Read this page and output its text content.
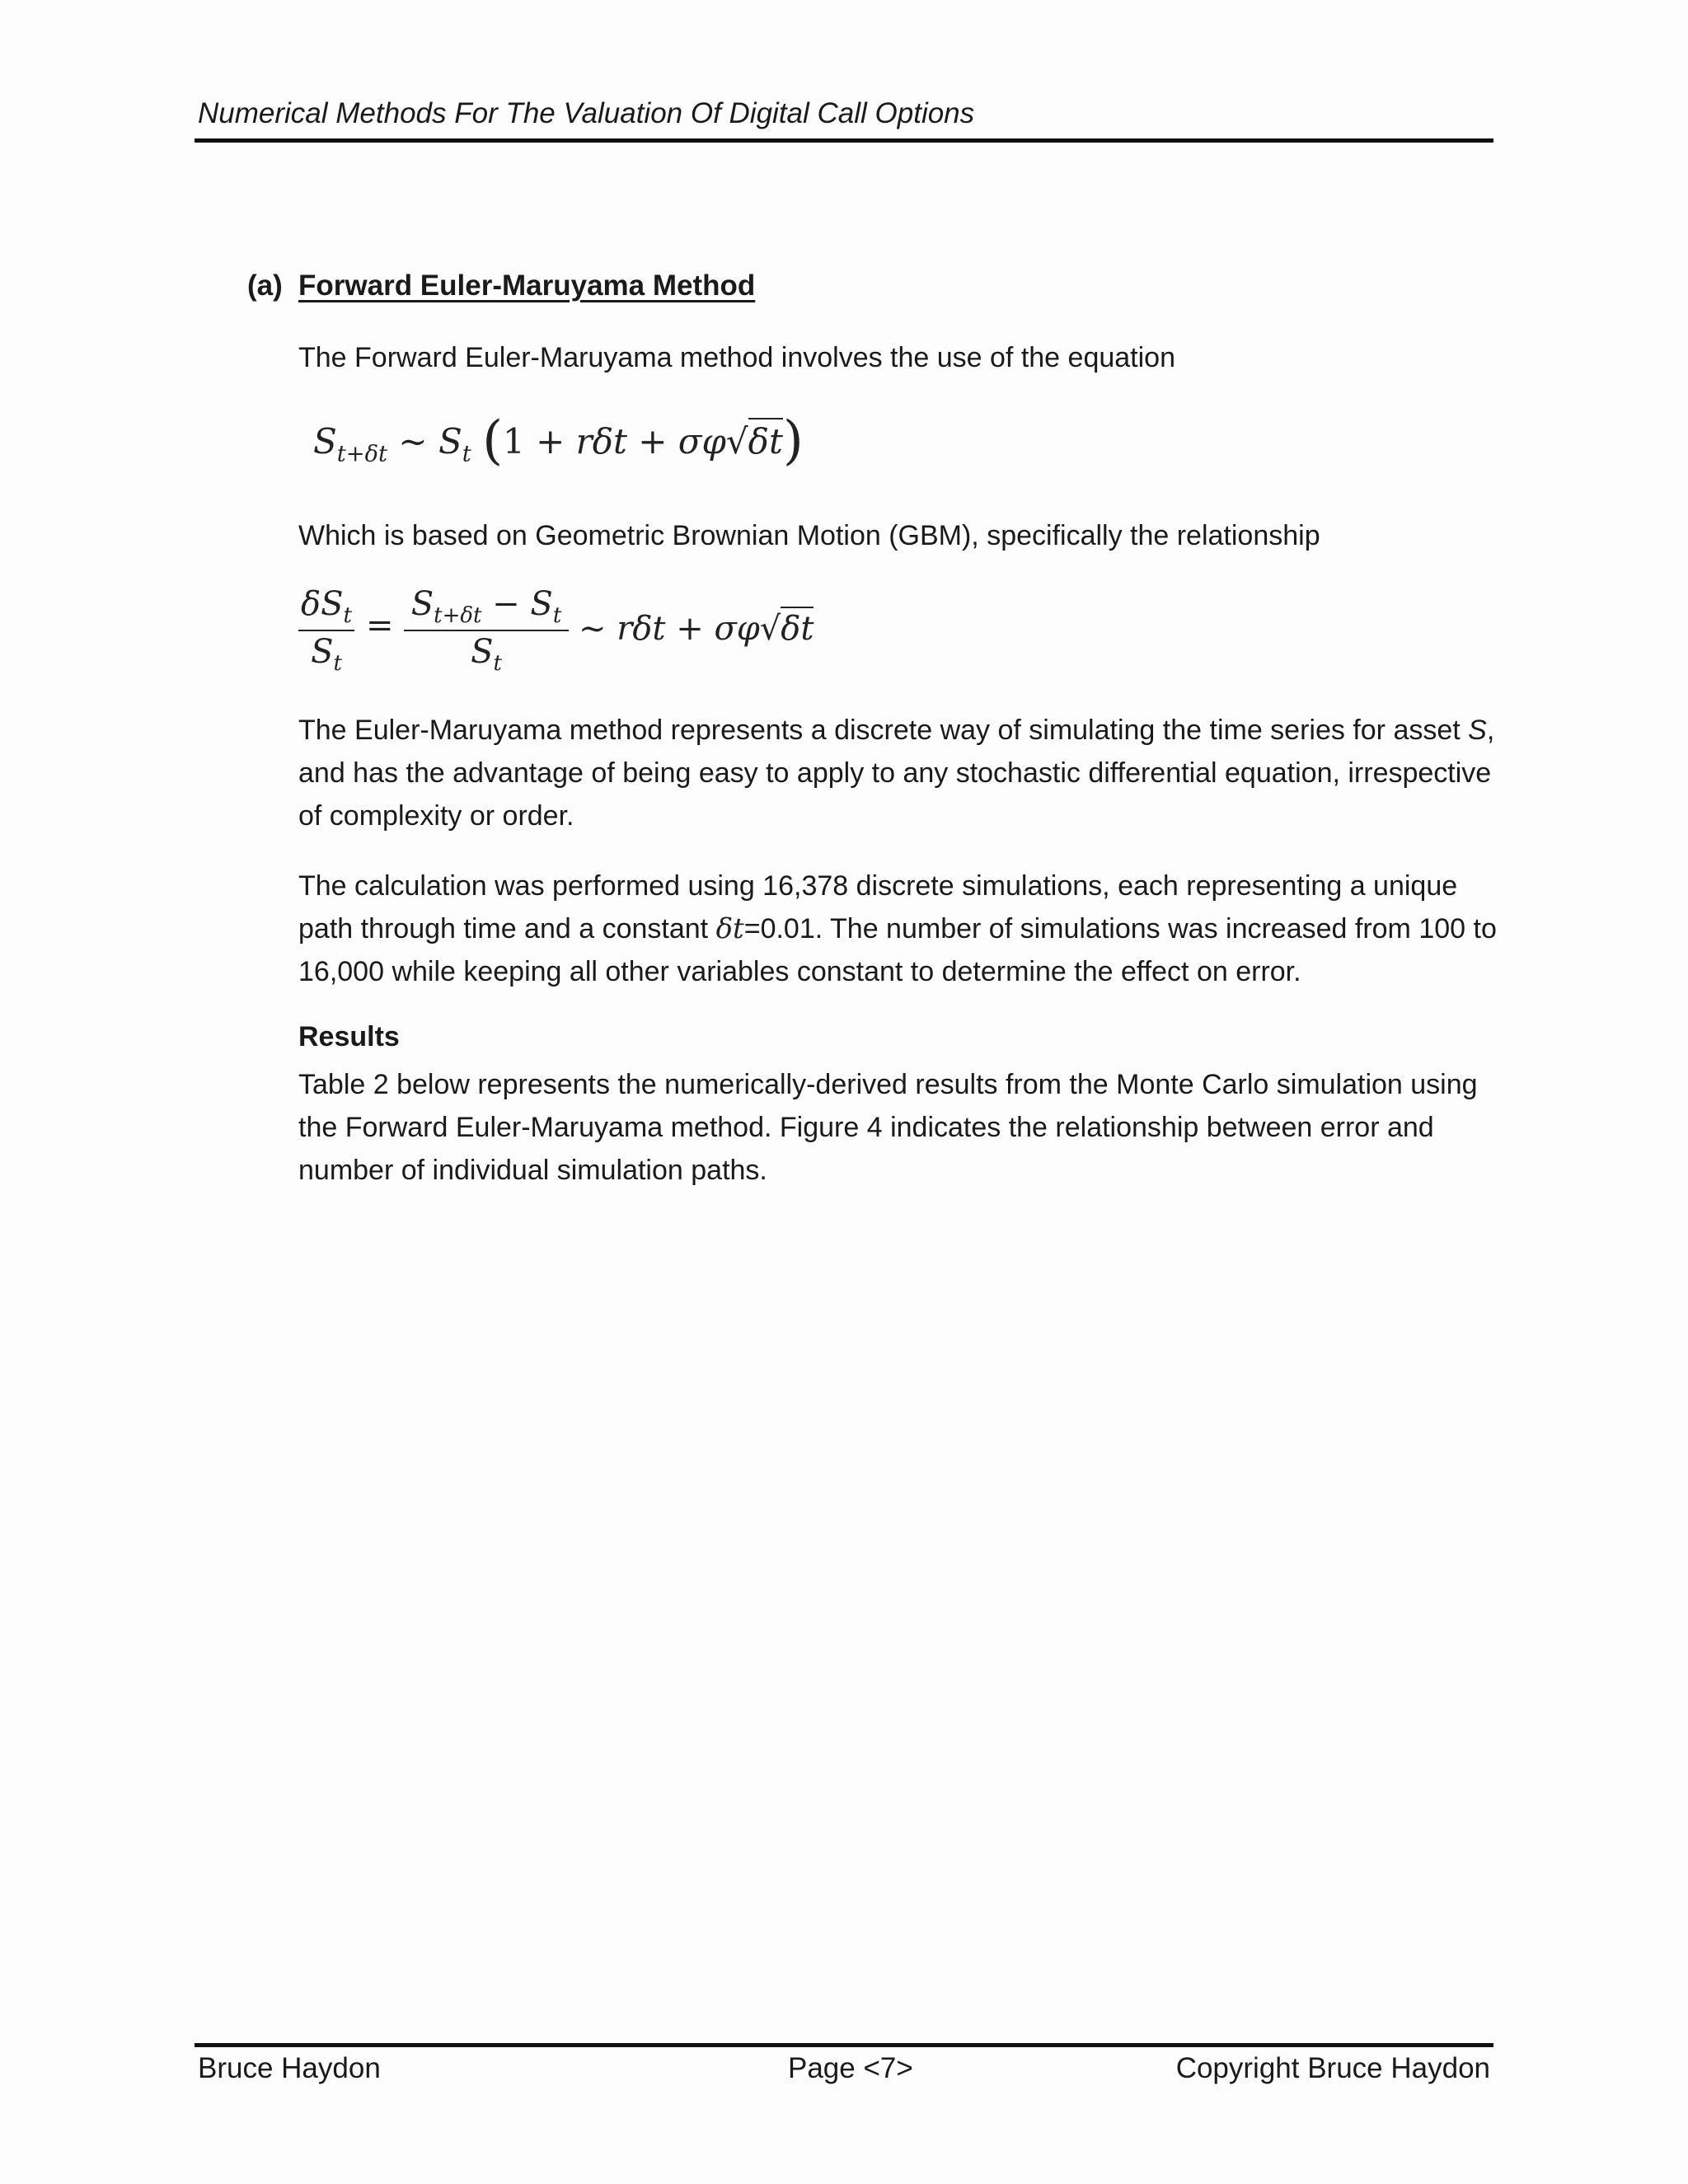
Numerical Methods For The Valuation Of Digital Call Options
(a) Forward Euler-Maruyama Method
The Forward Euler-Maruyama method involves the use of the equation
$S_{t+\delta t}$ ∼ $S_t$ (1 + rδt + σφ√δt)
Which is based on Geometric Brownian Motion (GBM), specifically the relationship
$\delta S_t$
$S_t$
=
$S_{t+\delta t} - S_t$
$S_t$
∼ rδt + σφ√δt
The Euler-Maruyama method represents a discrete way of simulating the time series for asset S, and has the advantage of being easy to apply to any stochastic differential equation, irrespective of complexity or order.
The calculation was performed using 16,378 discrete simulations, each representing a unique path through time and a constant δt=0.01. The number of simulations was increased from 100 to 16,000 while keeping all other variables constant to determine the effect on error.
Results
Table 2 below represents the numerically-derived results from the Monte Carlo simulation using the Forward Euler-Maruyama method. Figure 4 indicates the relationship between error and number of individual simulation paths.
Bruce Haydon	Page <7>	Copyright Bruce Haydon
